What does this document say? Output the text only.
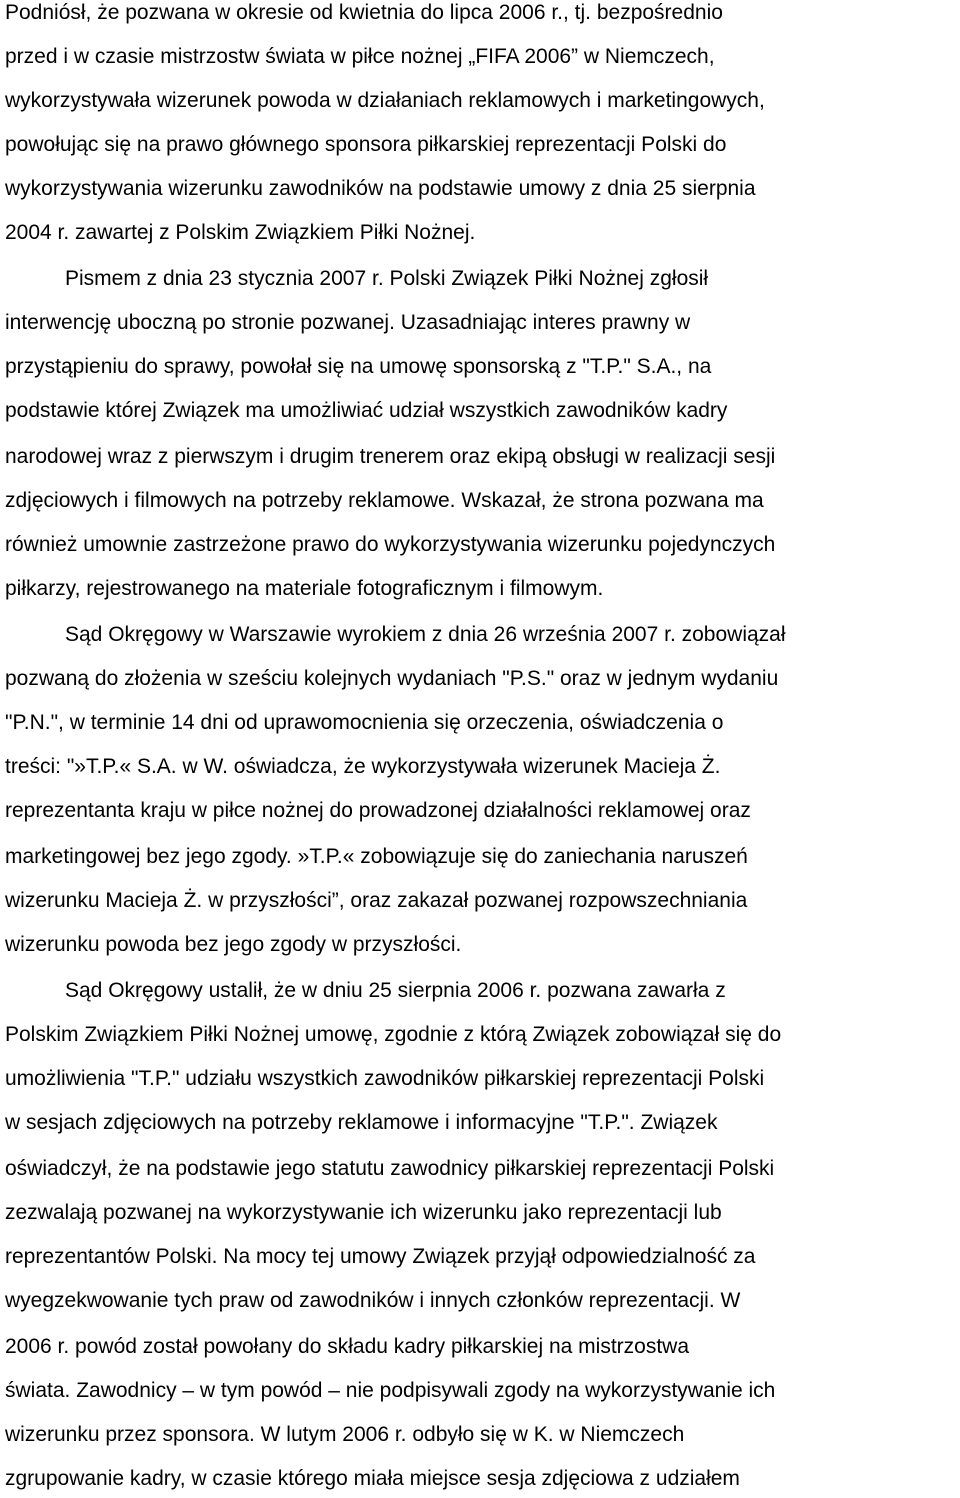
Podniósł, że pozwana w okresie od kwietnia do lipca 2006 r., tj. bezpośrednio

przed i w czasie mistrzostw świata w piłce nożnej „FIFA 2006” w Niemczech,

wykorzystywała wizerunek powoda w działaniach reklamowych i marketingowych,

powołując się na prawo głównego sponsora piłkarskiej reprezentacji Polski do

wykorzystywania wizerunku zawodników na podstawie umowy z dnia 25 sierpnia

2004 r. zawartej z Polskim Związkiem Piłki Nożnej.

Pismem z dnia 23 stycznia 2007 r. Polski Związek Piłki Nożnej zgłosił

interwencję uboczną po stronie pozwanej. Uzasadniając interes prawny w

przystąpieniu do sprawy, powołał się na umowę sponsorską z "T.P." S.A., na

podstawie której Związek ma umożliwiać udział wszystkich zawodników kadry

narodowej wraz z pierwszym i drugim trenerem oraz ekipą obsługi w realizacji sesji

zdjęciowych i filmowych na potrzeby reklamowe. Wskazał, że strona pozwana ma

również umownie zastrzeżone prawo do wykorzystywania wizerunku pojedynczych

piłkarzy, rejestrowanego na materiale fotograficznym i filmowym.

Sąd Okręgowy w Warszawie wyrokiem z dnia 26 września 2007 r. zobowiązał

pozwaną do złożenia w sześciu kolejnych wydaniach "P.S." oraz w jednym wydaniu

"P.N.", w terminie 14 dni od uprawomocnienia się orzeczenia, oświadczenia o

treści: "»T.P.« S.A. w W. oświadcza, że wykorzystywała wizerunek Macieja Ż.

reprezentanta kraju w piłce nożnej do prowadzonej działalności reklamowej oraz

marketingowej bez jego zgody. »T.P.« zobowiązuje się do zaniechania naruszeń

wizerunku Macieja Ż. w przyszłości”, oraz zakazał pozwanej rozpowszechniania

wizerunku powoda bez jego zgody w przyszłości.

Sąd Okręgowy ustalił, że w dniu 25 sierpnia 2006 r. pozwana zawarła z

Polskim Związkiem Piłki Nożnej umowę, zgodnie z którą Związek zobowiązał się do

umożliwienia "T.P." udziału wszystkich zawodników piłkarskiej reprezentacji Polski

w sesjach zdjęciowych na potrzeby reklamowe i informacyjne "T.P.". Związek

oświadczył, że na podstawie jego statutu zawodnicy piłkarskiej reprezentacji Polski

zezwalają pozwanej na wykorzystywanie ich wizerunku jako reprezentacji lub

reprezentantów Polski. Na mocy tej umowy Związek przyjął odpowiedzialność za

wyegzekwowanie tych praw od zawodników i innych członków reprezentacji. W

2006 r. powód został powołany do składu kadry piłkarskiej na mistrzostwa

świata. Zawodnicy – w tym powód – nie podpisywali zgody na wykorzystywanie ich

wizerunku przez sponsora. W lutym 2006 r. odbyło się w K. w Niemczech

zgrupowanie kadry, w czasie którego miała miejsce sesja zdjęciowa z udziałem
